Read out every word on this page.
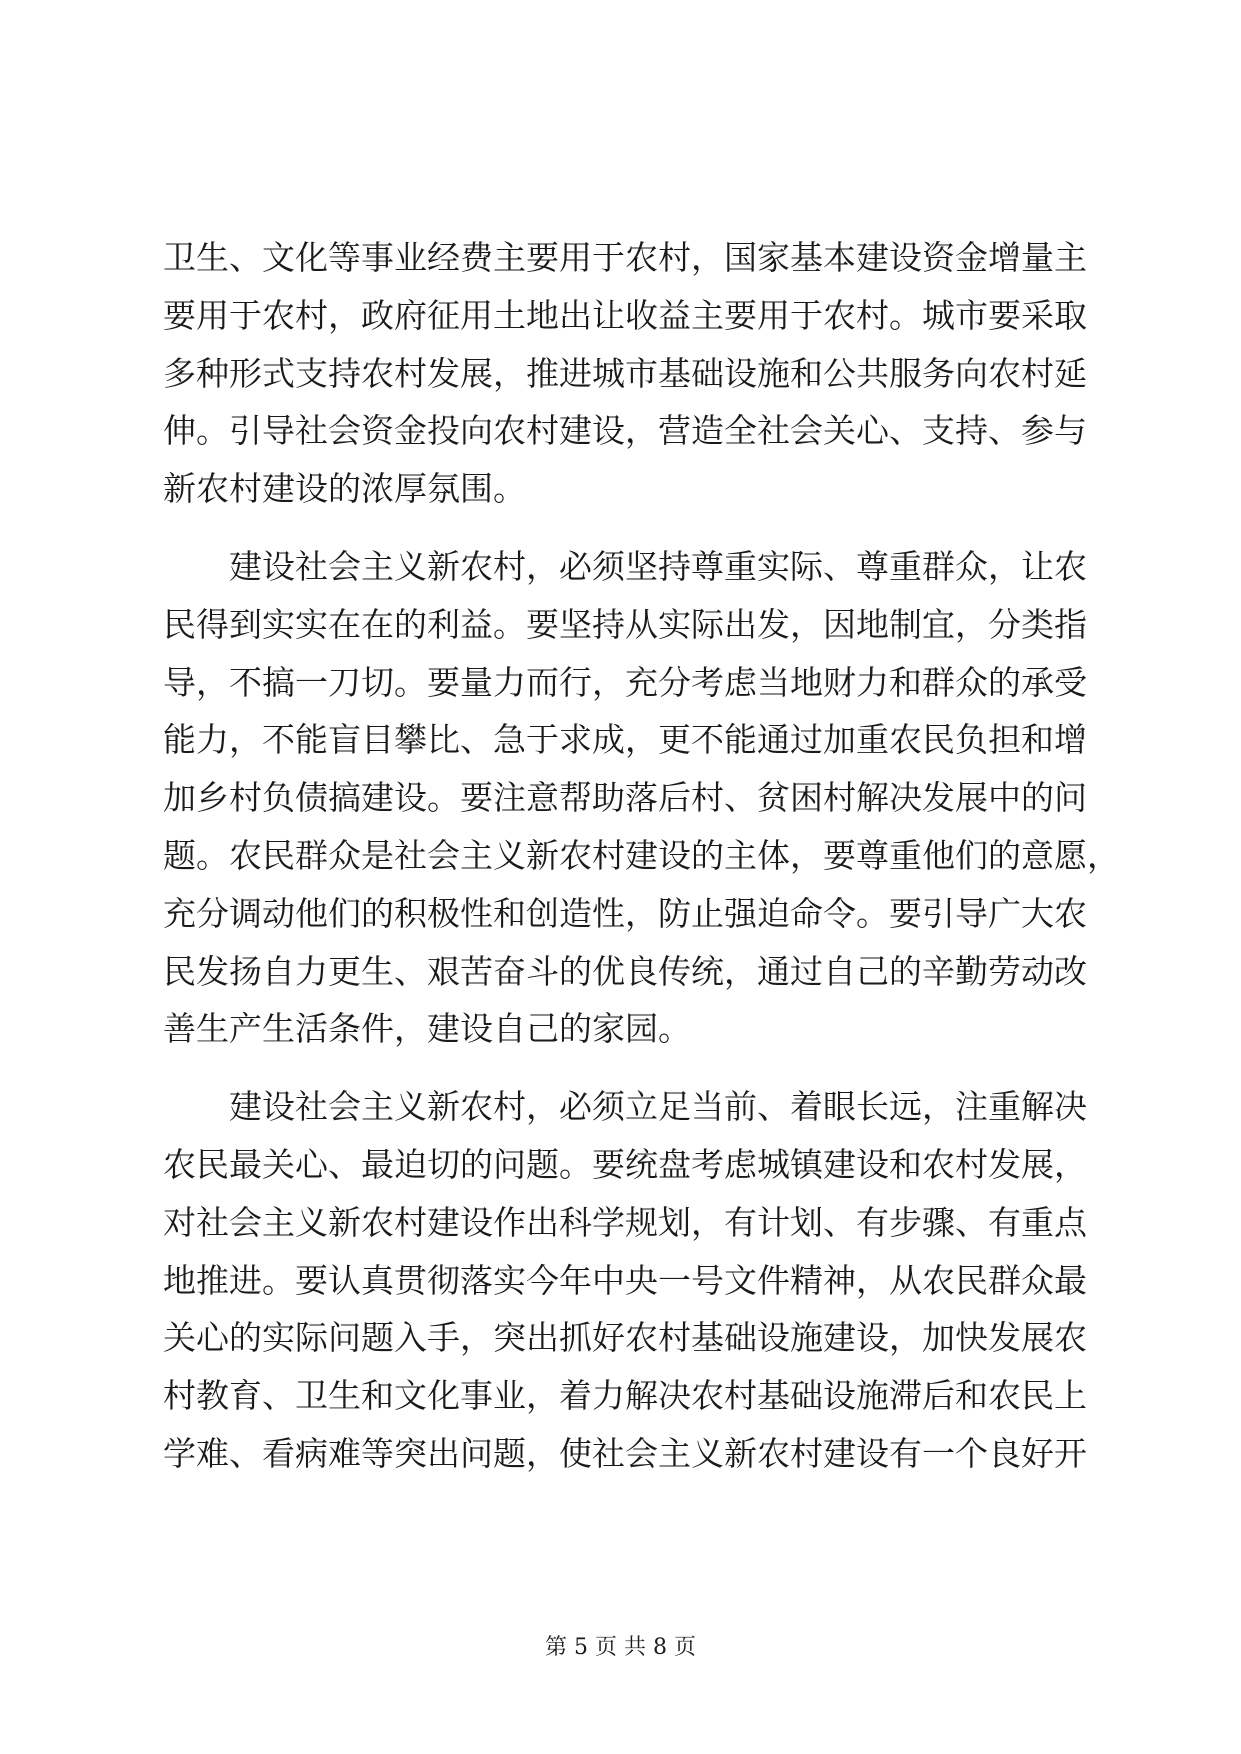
卫生、文化等事业经费主要用于农村，国家基本建设资金增量主
要用于农村，政府征用土地出让收益主要用于农村。城市要采取
多种形式支持农村发展，推进城市基础设施和公共服务向农村延
伸。引导社会资金投向农村建设，营造全社会关心、支持、参与
新农村建设的浓厚氛围。
　　建设社会主义新农村，必须坚持尊重实际、尊重群众，让农
民得到实实在在的利益。要坚持从实际出发，因地制宜，分类指
导，不搞一刀切。要量力而行，充分考虑当地财力和群众的承受
能力，不能盲目攀比、急于求成，更不能通过加重农民负担和增
加乡村负债搞建设。要注意帮助落后村、贫困村解决发展中的问
题。农民群众是社会主义新农村建设的主体，要尊重他们的意愿，
充分调动他们的积极性和创造性，防止强迫命令。要引导广大农
民发扬自力更生、艰苦奋斗的优良传统，通过自己的辛勤劳动改
善生产生活条件，建设自己的家园。
　　建设社会主义新农村，必须立足当前、着眼长远，注重解决
农民最关心、最迫切的问题。要统盘考虑城镇建设和农村发展，
对社会主义新农村建设作出科学规划，有计划、有步骤、有重点
地推进。要认真贯彻落实今年中央一号文件精神，从农民群众最
关心的实际问题入手，突出抓好农村基础设施建设，加快发展农
村教育、卫生和文化事业，着力解决农村基础设施滞后和农民上
学难、看病难等突出问题，使社会主义新农村建设有一个良好开
第 5 页 共 8 页
